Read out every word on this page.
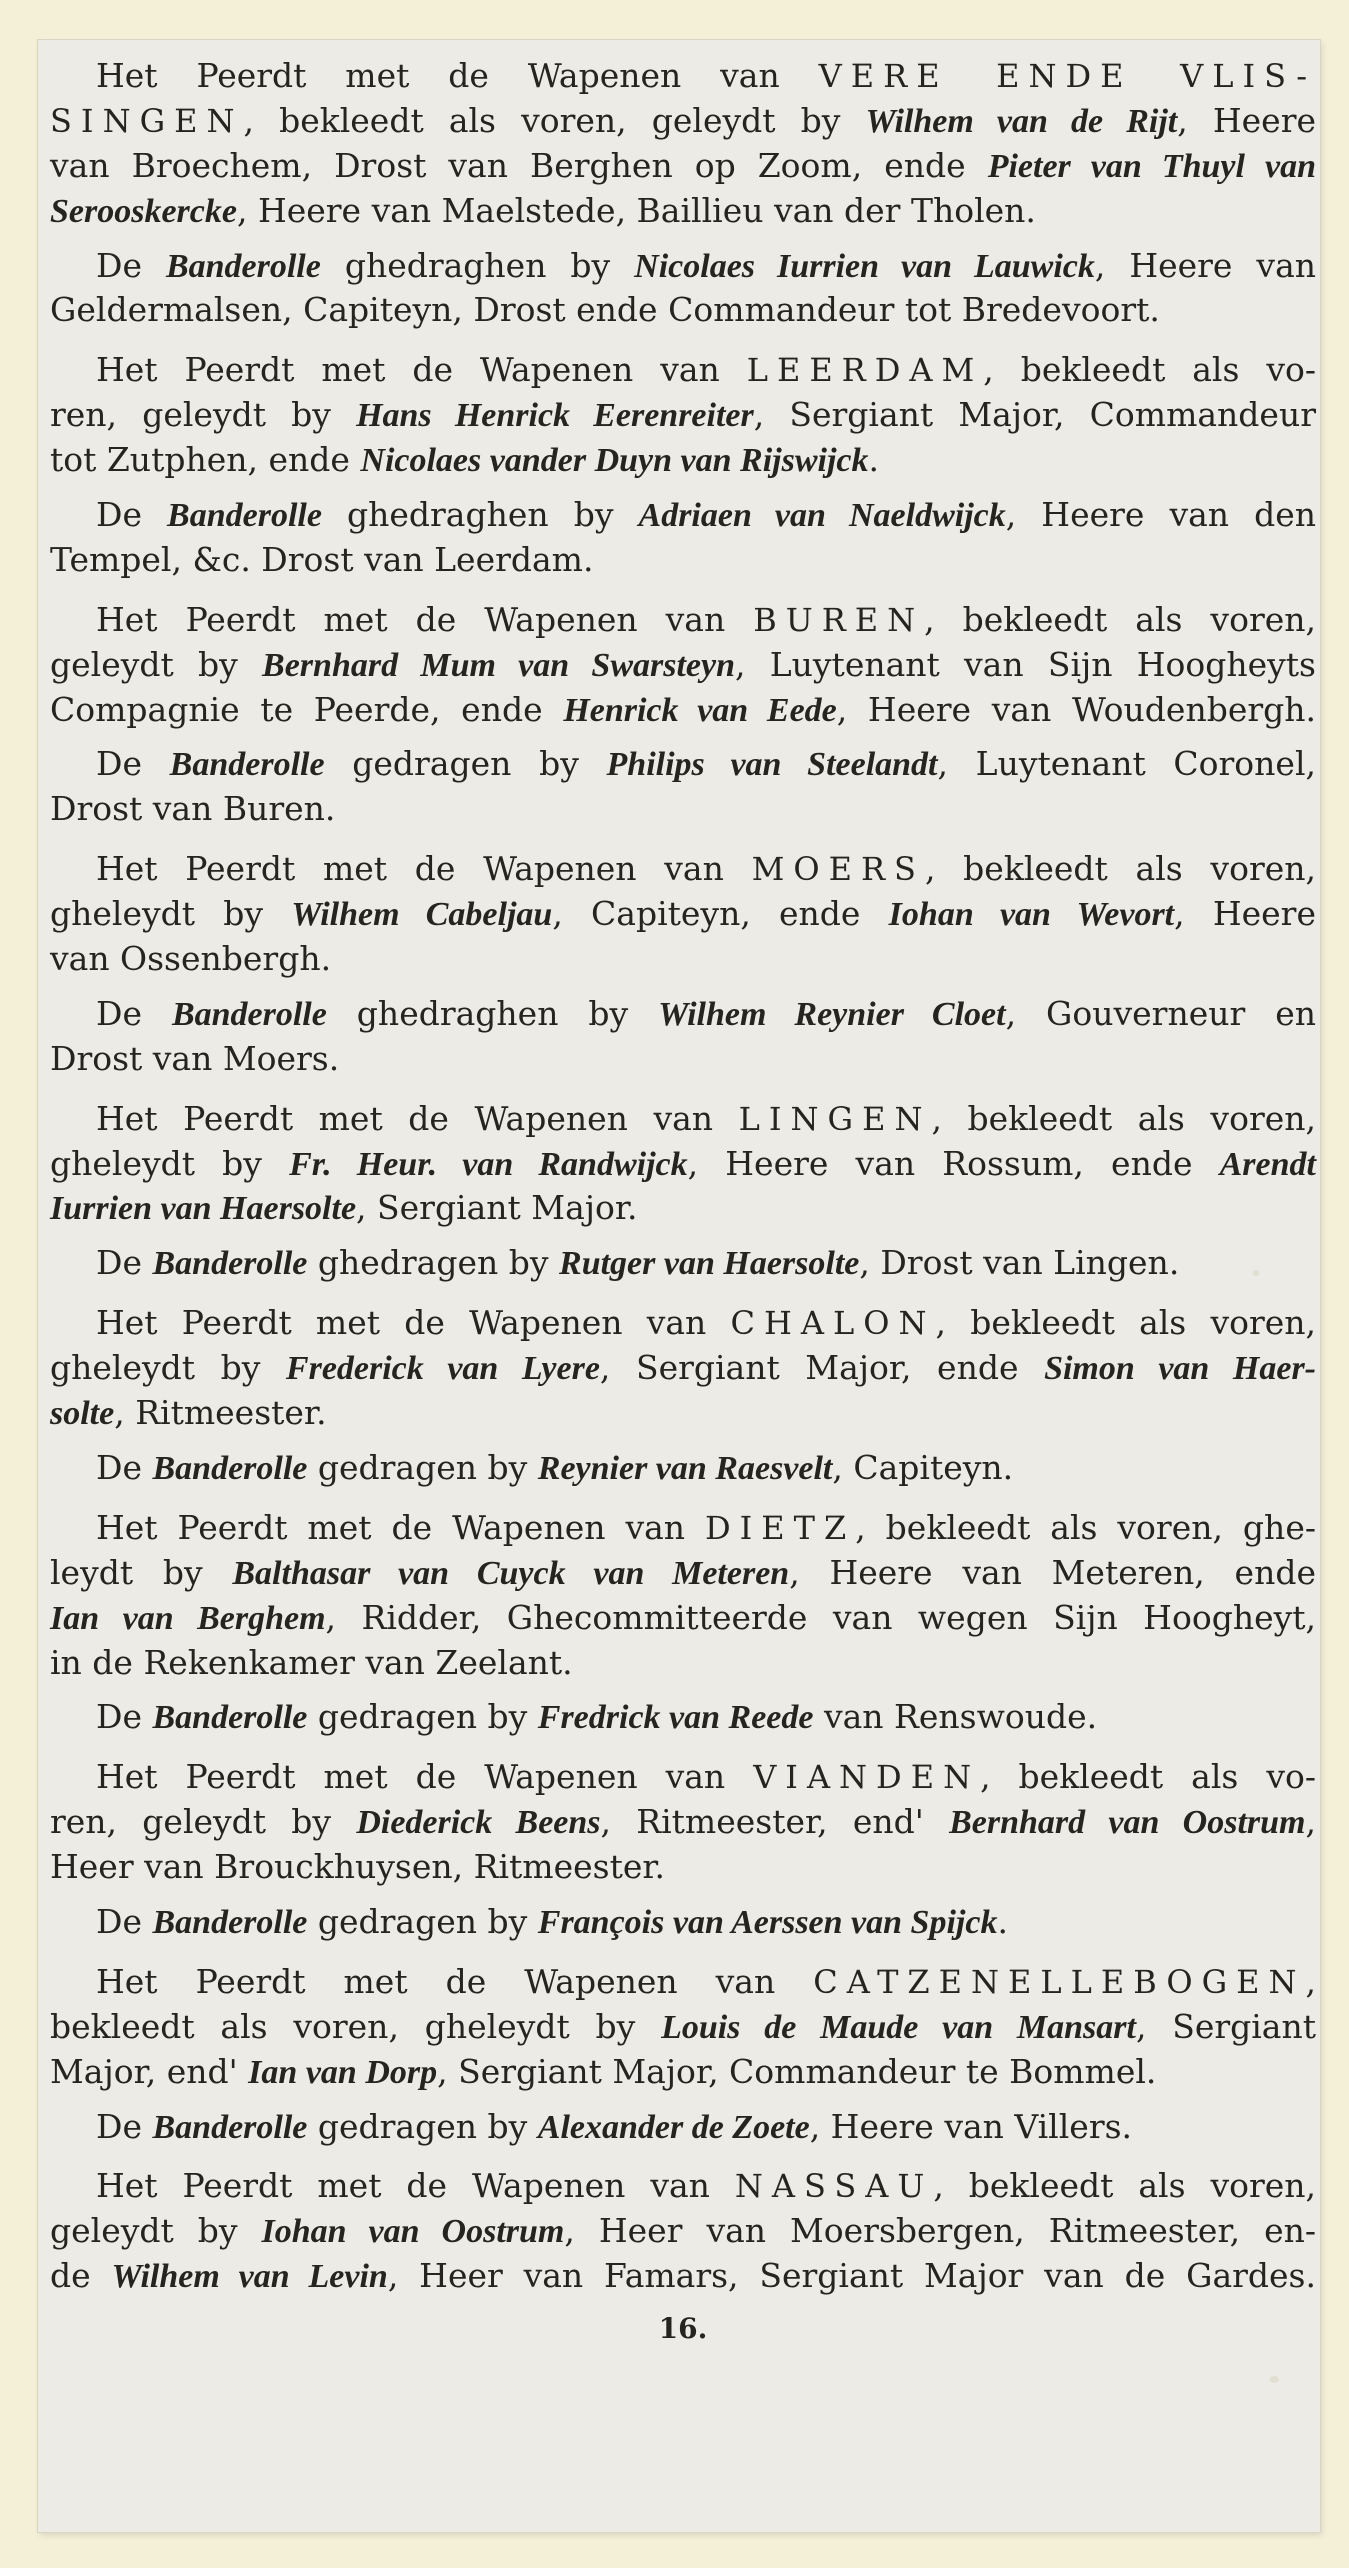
Het Peerdt met de Wapenen van VERE ENDE VLIS-
SINGEN, bekleedt als voren, geleydt by Wilhem van de Rijt, Heere
van Broechem, Drost van Berghen op Zoom, ende Pieter van Thuyl van
Serooskercke, Heere van Maelstede, Baillieu van der Tholen.
De Banderolle ghedraghen by Nicolaes Iurrien van Lauwick, Heere van
Geldermalsen, Capiteyn, Drost ende Commandeur tot Bredevoort.
Het Peerdt met de Wapenen van LEERDAM, bekleedt als vo-
ren, geleydt by Hans Henrick Eerenreiter, Sergiant Major, Commandeur
tot Zutphen, ende Nicolaes vander Duyn van Rijswijck.
De Banderolle ghedraghen by Adriaen van Naeldwijck, Heere van den
Tempel, &c. Drost van Leerdam.
Het Peerdt met de Wapenen van BUREN, bekleedt als voren,
geleydt by Bernhard Mum van Swarsteyn, Luytenant van Sijn Hoogheyts
Compagnie te Peerde, ende Henrick van Eede, Heere van Woudenbergh.
De Banderolle gedragen by Philips van Steelandt, Luytenant Coronel,
Drost van Buren.
Het Peerdt met de Wapenen van MOERS, bekleedt als voren,
gheleydt by Wilhem Cabeljau, Capiteyn, ende Iohan van Wevort, Heere
van Ossenbergh.
De Banderolle ghedraghen by Wilhem Reynier Cloet, Gouverneur en
Drost van Moers.
Het Peerdt met de Wapenen van LINGEN, bekleedt als voren,
gheleydt by Fr. Heur. van Randwijck, Heere van Rossum, ende Arendt
Iurrien van Haersolte, Sergiant Major.
De Banderolle ghedragen by Rutger van Haersolte, Drost van Lingen.
Het Peerdt met de Wapenen van CHALON, bekleedt als voren,
gheleydt by Frederick van Lyere, Sergiant Major, ende Simon van Haer-
solte, Ritmeester.
De Banderolle gedragen by Reynier van Raesvelt, Capiteyn.
Het Peerdt met de Wapenen van DIETZ, bekleedt als voren, ghe-
leydt by Balthasar van Cuyck van Meteren, Heere van Meteren, ende
Ian van Berghem, Ridder, Ghecommitteerde van wegen Sijn Hoogheyt,
in de Rekenkamer van Zeelant.
De Banderolle gedragen by Fredrick van Reede van Renswoude.
Het Peerdt met de Wapenen van VIANDEN, bekleedt als vo-
ren, geleydt by Diederick Beens, Ritmeester, end' Bernhard van Oostrum,
Heer van Brouckhuysen, Ritmeester.
De Banderolle gedragen by François van Aerssen van Spijck.
Het Peerdt met de Wapenen van CATZENELLEBOGEN,
bekleedt als voren, gheleydt by Louis de Maude van Mansart, Sergiant
Major, end' Ian van Dorp, Sergiant Major, Commandeur te Bommel.
De Banderolle gedragen by Alexander de Zoete, Heere van Villers.
Het Peerdt met de Wapenen van NASSAU, bekleedt als voren,
geleydt by Iohan van Oostrum, Heer van Moersbergen, Ritmeester, en-
de Wilhem van Levin, Heer van Famars, Sergiant Major van de Gardes.
16.
